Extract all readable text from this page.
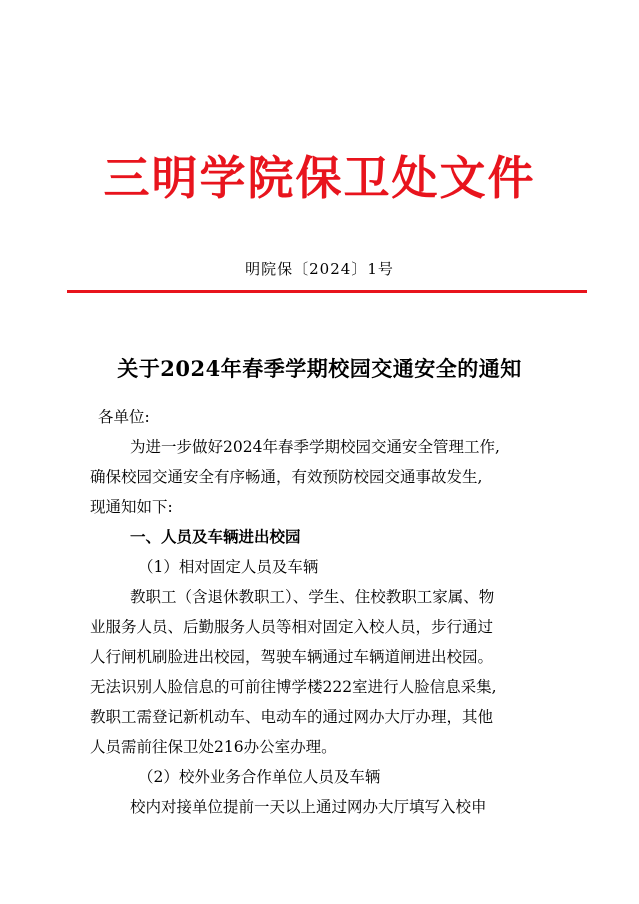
三明学院保卫处文件
明院保〔2024〕1号
关于2024年春季学期校园交通安全的通知
各单位:
为进一步做好2024年春季学期校园交通安全管理工作,
确保校园交通安全有序畅通，有效预防校园交通事故发生,
现通知如下:
一、人员及车辆进出校园
（1）相对固定人员及车辆
教职工（含退休教职工）、学生、住校教职工家属、物
业服务人员、后勤服务人员等相对固定入校人员，步行通过
人行闸机刷脸进出校园，驾驶车辆通过车辆道闸进出校园。
无法识别人脸信息的可前往博学楼222室进行人脸信息采集,
教职工需登记新机动车、电动车的通过网办大厅办理，其他
人员需前往保卫处216办公室办理。
（2）校外业务合作单位人员及车辆
校内对接单位提前一天以上通过网办大厅填写入校申
